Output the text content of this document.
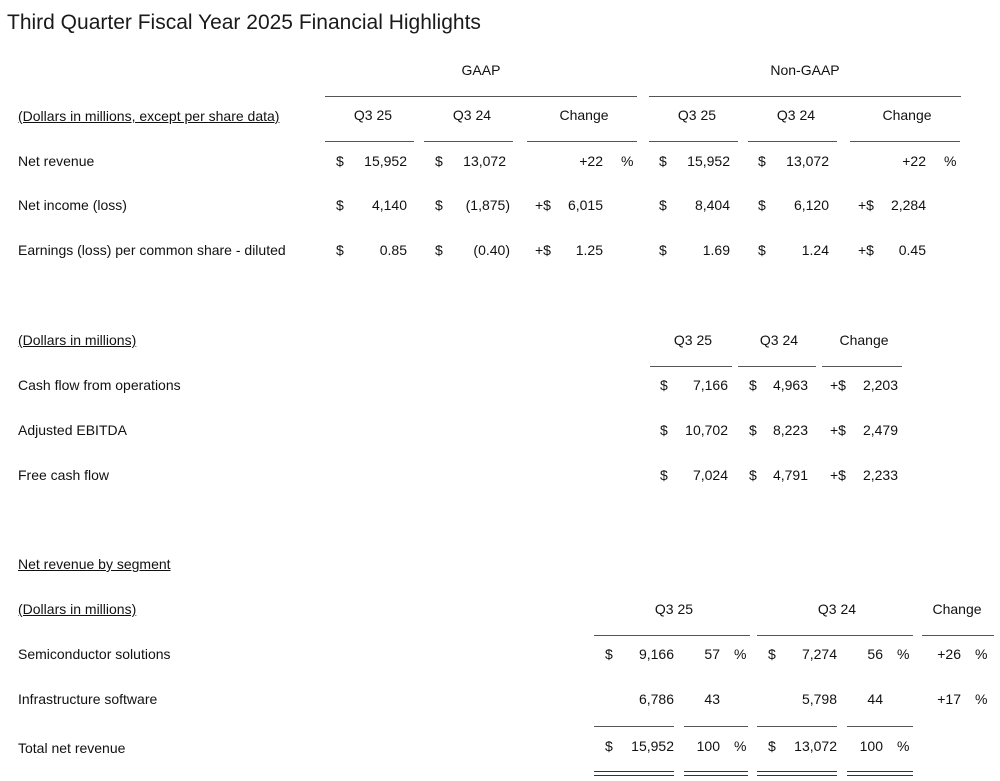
Third Quarter Fiscal Year 2025 Financial Highlights
GAAP	Non-GAAP
(Dollars in millions, except per share data)	Q3 25	Q3 24	Change	Q3 25	Q3 24	Change
Net revenue	$	15,952 $	13,072	+22 % $	15,952 $	13,072	+22 %
Net income (loss)	$	4,140 $	(1,875) +$	6,015	$	8,404 $	6,120 +$	2,284
Earnings (loss) per common share - diluted	$	0.85 $	(0.40) +$	1.25	$	1.69 $	1.24 +$	0.45
(Dollars in millions)	Q3 25	Q3 24	Change
Cash flow from operations	$	7,166 $	4,963 +$	2,203
Adjusted EBITDA	$	10,702 $	8,223 +$	2,479
Free cash flow	$	7,024 $	4,791 +$	2,233
Net revenue by segment
(Dollars in millions)	Q3 25	Q3 24	Change
Semiconductor solutions	$	9,166	57 % $	7,274	56 %	+26 %
Infrastructure software	6,786	43	5,798	44	+17 %
Total net revenue	$	15,952	100 % $	13,072	100 %
